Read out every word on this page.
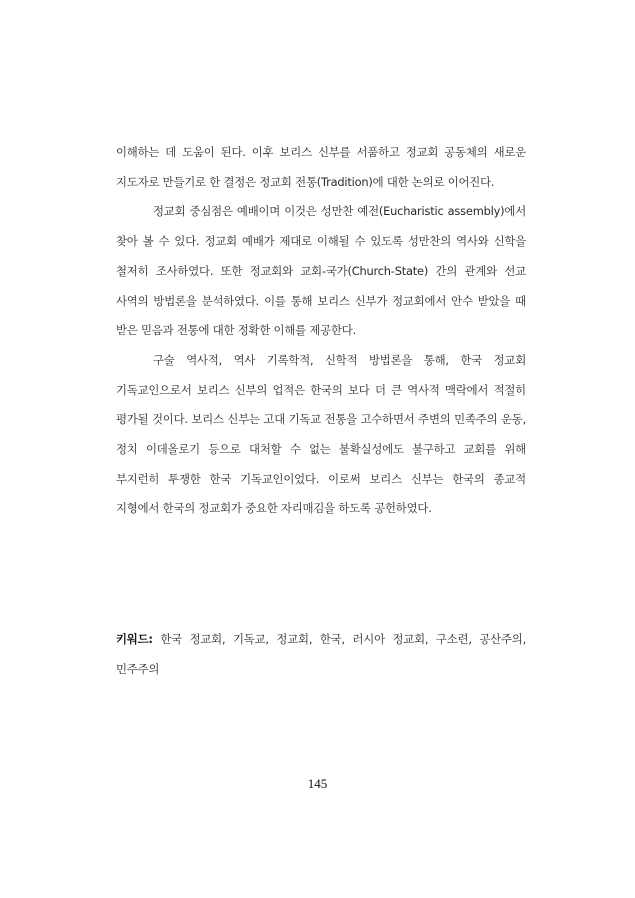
이해하는 데 도움이 된다. 이후 보리스 신부를 서품하고 정교회 공동체의 새로운 지도자로 만들기로 한 결정은 정교회 전통(Tradition)에 대한 논의로 이어진다.

정교회 중심점은 예배이며 이것은 성만찬 예전(Eucharistic assembly)에서 찾아 볼 수 있다. 정교회 예배가 제대로 이해될 수 있도록 성만찬의 역사와 신학을 철저히 조사하였다. 또한 정교회와 교회-국가(Church-State) 간의 관계와 선교 사역의 방법론을 분석하였다. 이를 통해 보리스 신부가 정교회에서 안수 받았을 때 받은 믿음과 전통에 대한 정확한 이해를 제공한다.

구술 역사적, 역사 기록학적, 신학적 방법론을 통해, 한국 정교회 기독교인으로서 보리스 신부의 업적은 한국의 보다 더 큰 역사적 맥락에서 적절히 평가될 것이다. 보리스 신부는 고대 기독교 전통을 고수하면서 주변의 민족주의 운동, 정치 이데올로기 등으로 대처할 수 없는 불확실성에도 불구하고 교회를 위해 부지런히 투쟁한 한국 기독교인이었다. 이로써 보리스 신부는 한국의 종교적 지형에서 한국의 정교회가 중요한 자리매김을 하도록 공헌하였다.

키워드: 한국 정교회, 기독교, 정교회, 한국, 러시아 정교회, 구소련, 공산주의, 민주주의

145
